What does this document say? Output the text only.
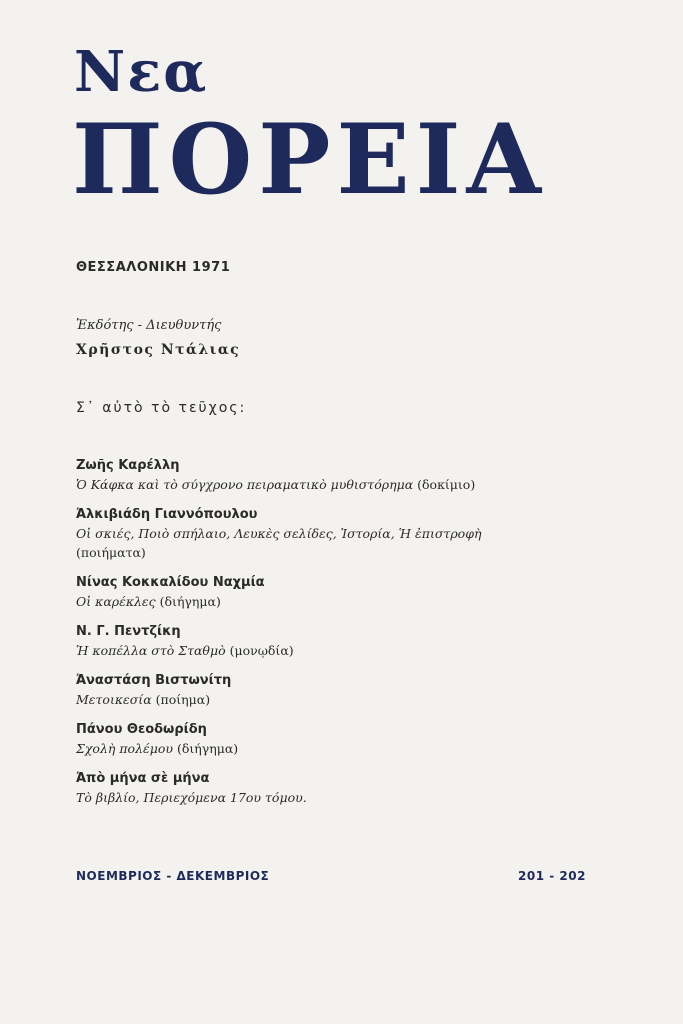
Νεα
ΠΟΡΕΙΑ
ΘΕΣΣΑΛΟΝΙΚΗ 1971
Ἐκδότης - Διευθυντής
Χρῆστος Ντάλιας
Σ᾽ αὐτὸ τὸ τεῦχος:
Ζωῆς Καρέλλη
Ὁ Κάφκα καὶ τὸ σύγχρονο πειραματικὸ μυθιστόρημα (δοκίμιο)
Ἀλκιβιάδη Γιαννόπουλου
Οἱ σκιές, Ποιὸ σπήλαιο, Λευκὲς σελίδες, Ἱστορία, Ἡ ἐπιστροφὴ
(ποιήματα)
Νίνας Κοκκαλίδου Ναχμία
Οἱ καρέκλες (διήγημα)
Ν. Γ. Πεντζίκη
Ἡ κοπέλλα στὸ Σταθμὸ (μονῳδία)
Ἀναστάση Βιστωνίτη
Μετοικεσία (ποίημα)
Πάνου Θεοδωρίδη
Σχολὴ πολέμου (διήγημα)
Ἀπὸ μήνα σὲ μήνα
Τὸ βιβλίο, Περιεχόμενα 17ου τόμου.
ΝΟΕΜΒΡΙΟΣ - ΔΕΚΕΜΒΡΙΟΣ	201 - 202
